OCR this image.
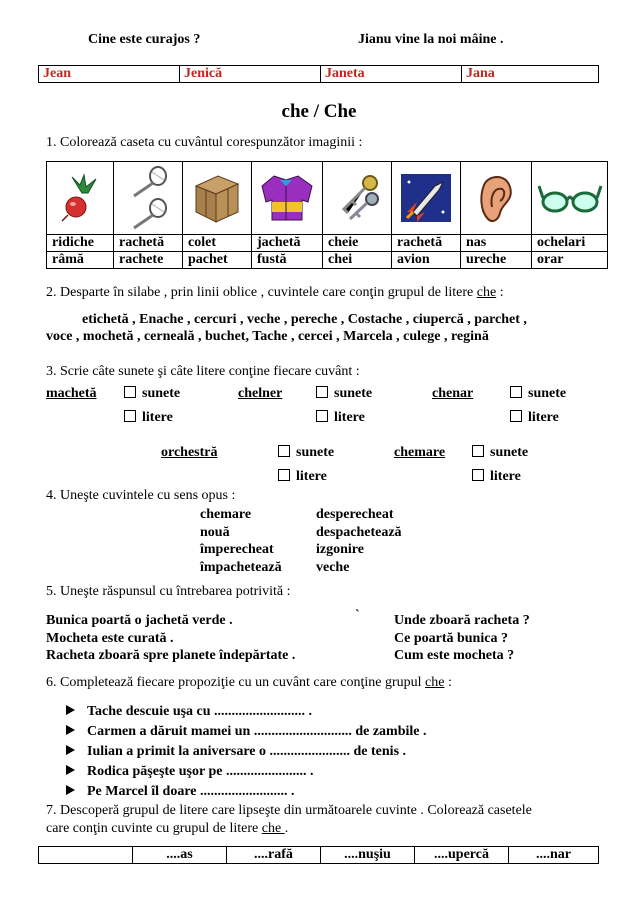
Cine este curajos ?	Jianu vine la noi mâine .
Jean	Jenică	Janeta	Jana
che / Che
1. Colorează caseta cu cuvântul corespunzător imaginii :

ridiche	rachetă	colet	jachetă	cheie	rachetă	nas	ochelari
râmă	rachete	pachet	fustă	chei	avion	ureche	orar
2. Desparte în silabe , prin linii oblice , cuvintele care conţin grupul de litere che :
etichetă , Enache , cercuri , veche , pereche , Costache , ciupercă , parchet ,
voce , mochetă , cerneală , buchet, Tache , cercei , Marcela , culege , regină
3. Scrie câte sunete şi câte litere conţine fiecare cuvânt :
machetă	sunete
litere
chelner	sunete
litere
chenar	sunete
litere
orchestră	sunete
litere
chemare	sunete
litere
4. Uneşte cuvintele cu sens opus :
chemare
nouă
împerecheat
împachetează
desperecheat
despachetează
izgonire
veche
5. Uneşte răspunsul cu întrebarea potrivită :
Bunica poartă o jachetă verde .
Mocheta este curată .
Racheta zboară spre planete îndepărtate .
` Unde zboară racheta ?
Ce poartă bunica ?
Cum este mocheta ?
6. Completează fiecare propoziţie cu un cuvânt care conţine grupul che :
Tache descuie uşa cu .......................... .
Carmen a dăruit mamei un ............................ de zambile .
Iulian a primit la aniversare o ....................... de tenis .
Rodica păşeşte uşor pe ....................... .
Pe Marcel îl doare ......................... .
7. Descoperă grupul de litere care lipseşte din următoarele cuvinte . Colorează casetele
care conţin cuvinte cu grupul de litere che .
	....as	....rafă	....nuşiu	....upercă	....nar
